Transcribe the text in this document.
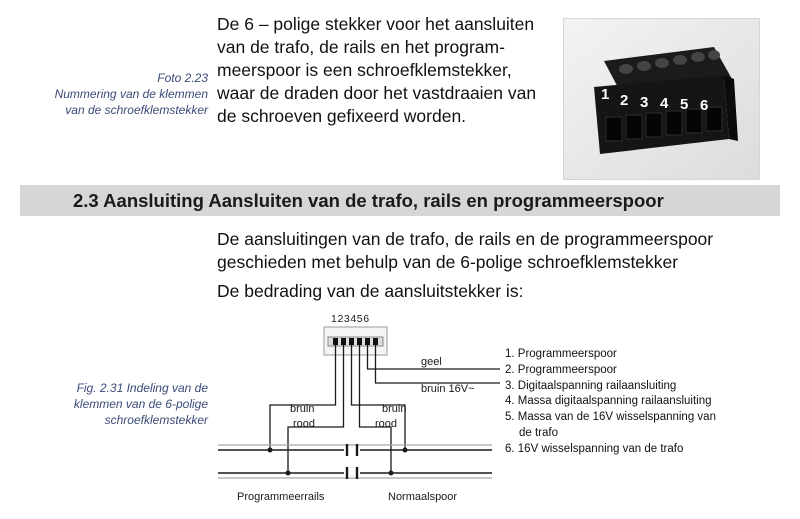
Foto 2.23
Nummering van de klemmen
van de schroefklemstekker
De 6 – polige stekker voor het aansluiten
van de trafo, de rails en het program-
meerspoor is een schroefklemstekker,
waar de draden door het vastdraaien van
de schroeven gefixeerd worden.
1 2 3 4 5 6
2.3 Aansluiting Aansluiten van de trafo, rails en programmeerspoor
De aansluitingen van de trafo, de rails en de programmeerspoor
geschieden met behulp van de 6-polige schroefklemstekker
De bedrading van de aansluitstekker is:
Fig. 2.31 Indeling van de
klemmen van de 6-polige
schroefklemstekker
123456
geel
bruin 16V~
bruin
rood
bruin
rood
Programmeerrails	Normaalspoor
1. Programmeerspoor
2. Programmeerspoor
3. Digitaalspanning railaansluiting
4. Massa digitaalspanning railaansluiting
5. Massa van de 16V wisselspanning van
de trafo
6. 16V wisselspanning van de trafo
